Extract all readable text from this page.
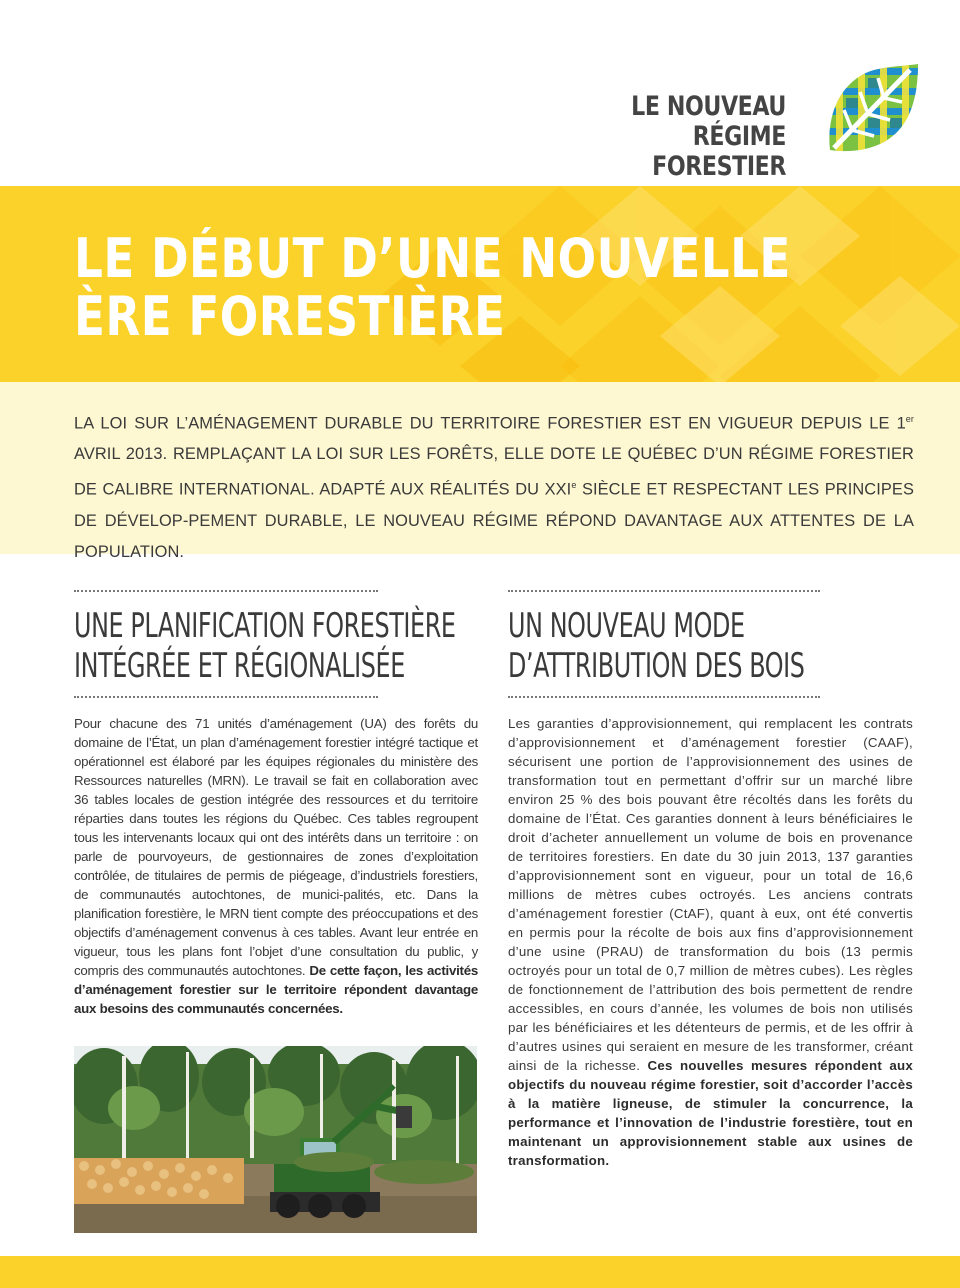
LE NOUVEAU
RÉGIME FORESTIER
LE DÉBUT D’UNE NOUVELLE
ÈRE FORESTIÈRE

LA LOI SUR L’AMÉNAGEMENT DURABLE DU TERRITOIRE FORESTIER EST EN VIGUEUR DEPUIS LE 1er AVRIL 2013. REMPLAÇANT LA LOI SUR LES FORÊTS, ELLE DOTE LE QUÉBEC D’UN RÉGIME FORESTIER DE CALIBRE INTERNATIONAL. ADAPTÉ AUX RÉALITÉS DU XXIe SIÈCLE ET RESPECTANT LES PRINCIPES DE DÉVELOP-PEMENT DURABLE, LE NOUVEAU RÉGIME RÉPOND DAVANTAGE AUX ATTENTES DE LA POPULATION.

UNE PLANIFICATION FORESTIÈRE
INTÉGRÉE ET RÉGIONALISÉE
Pour chacune des 71 unités d’aménagement (UA) des forêts du domaine de l’État, un plan d’aménagement forestier intégré tactique et opérationnel est élaboré par les équipes régionales du ministère des Ressources naturelles (MRN). Le travail se fait en collaboration avec 36 tables locales de gestion intégrée des ressources et du territoire réparties dans toutes les régions du Québec. Ces tables regroupent tous les intervenants locaux qui ont des intérêts dans un territoire : on parle de pourvoyeurs, de gestionnaires de zones d’exploitation contrôlée, de titulaires de permis de piégeage, d’industriels forestiers, de communautés autochtones, de munici-palités, etc. Dans la planification forestière, le MRN tient compte des préoccupations et des objectifs d’aménagement convenus à ces tables. Avant leur entrée en vigueur, tous les plans font l’objet d’une consultation du public, y compris des communautés autochtones. De cette façon, les activités d’aménagement forestier sur le territoire répondent davantage aux besoins des communautés concernées.
UN NOUVEAU MODE
D’ATTRIBUTION DES BOIS
Les garanties d’approvisionnement, qui remplacent les contrats d’approvisionnement et d’aménagement forestier (CAAF), sécurisent une portion de l’approvisionnement des usines de transformation tout en permettant d’offrir sur un marché libre environ 25 % des bois pouvant être récoltés dans les forêts du domaine de l’État. Ces garanties donnent à leurs bénéficiaires le droit d’acheter annuellement un volume de bois en provenance de territoires forestiers. En date du 30 juin 2013, 137 garanties d’approvisionnement sont en vigueur, pour un total de 16,6 millions de mètres cubes octroyés. Les anciens contrats d’aménagement forestier (CtAF), quant à eux, ont été convertis en permis pour la récolte de bois aux fins d’approvisionnement d’une usine (PRAU) de transformation du bois (13 permis octroyés pour un total de 0,7 million de mètres cubes). Les règles de fonctionnement de l’attribution des bois permettent de rendre accessibles, en cours d’année, les volumes de bois non utilisés par les bénéficiaires et les détenteurs de permis, et de les offrir à d’autres usines qui seraient en mesure de les transformer, créant ainsi de la richesse. Ces nouvelles mesures répondent aux objectifs du nouveau régime forestier, soit d’accorder l’accès à la matière ligneuse, de stimuler la concurrence, la performance et l’innovation de l’industrie forestière, tout en maintenant un approvisionnement stable aux usines de transformation.
